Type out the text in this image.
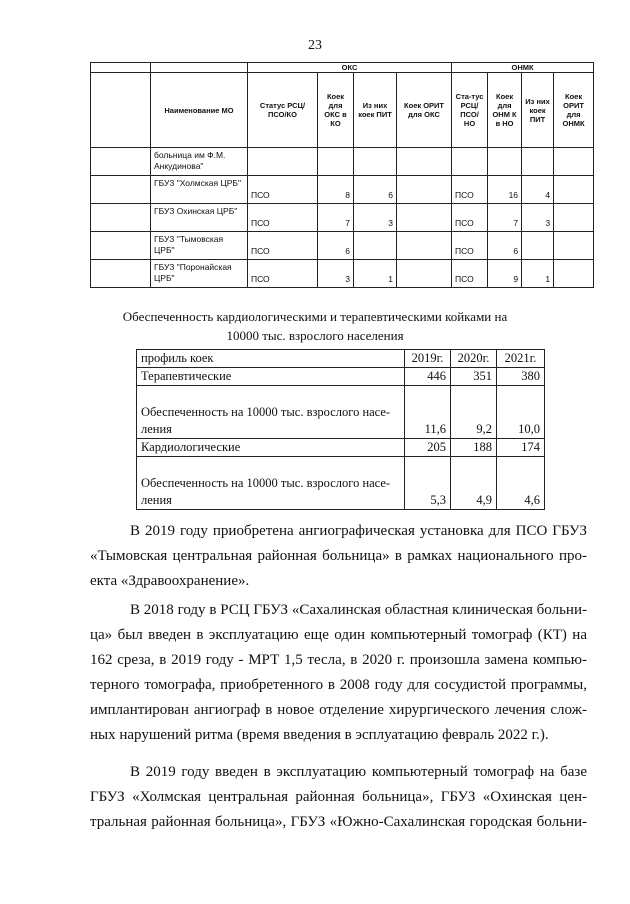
23
		ОКС				ОНМК			
	Наименование МО	Статус РСЦ/ПСО/КО	Коек для ОКС в КО	Из них коек ПИТ	Коек ОРИТ для ОКС	Ста-тус РСЦ/ ПСО/ НО	Коек для ОНМ К в НО	Из них коек ПИТ	Коек ОРИТ для ОНМК
	больница им Ф.М. Анкудинова"								
	ГБУЗ "Холмская ЦРБ"	ПСО	8	6		ПСО	16	4	
	ГБУЗ Охинская ЦРБ"	ПСО	7	3		ПСО	7	3	
	ГБУЗ "Тымовская ЦРБ"	ПСО	6			ПСО	6		
	ГБУЗ "Поронайская ЦРБ"	ПСО	3	1		ПСО	9	1	
Обеспеченность кардиологическими и терапевтическими койками на
10000 тыс. взрослого населения
профиль коек	2019г.	2020г.	2021г.
Терапевтические	446	351	380

Обеспеченность на 10000 тыс. взрослого насе-
ления	11,6	9,2	10,0
Кардиологические	205	188	174

Обеспеченность на 10000 тыс. взрослого насе-
ления	5,3	4,9	4,6
В 2019 году приобретена ангиографическая установка для ПСО ГБУЗ
«Тымовская центральная районная больница» в рамках национального про-
екта «Здравоохранение».
В 2018 году в РСЦ ГБУЗ «Сахалинская областная клиническая больни-
ца» был введен в эксплуатацию еще один компьютерный томограф (КТ) на
162 среза, в 2019 году - МРТ 1,5 тесла, в 2020 г. произошла замена компью-
терного томографа, приобретенного в 2008 году для сосудистой программы,
имплантирован ангиограф в новое отделение хирургического лечения слож-
ных нарушений ритма (время введения в эсплуатацию февраль 2022 г.).
В 2019 году введен в эксплуатацию компьютерный томограф на базе
ГБУЗ «Холмская центральная районная больница», ГБУЗ «Охинская цен-
тральная районная больница», ГБУЗ «Южно-Сахалинская городская больни-
